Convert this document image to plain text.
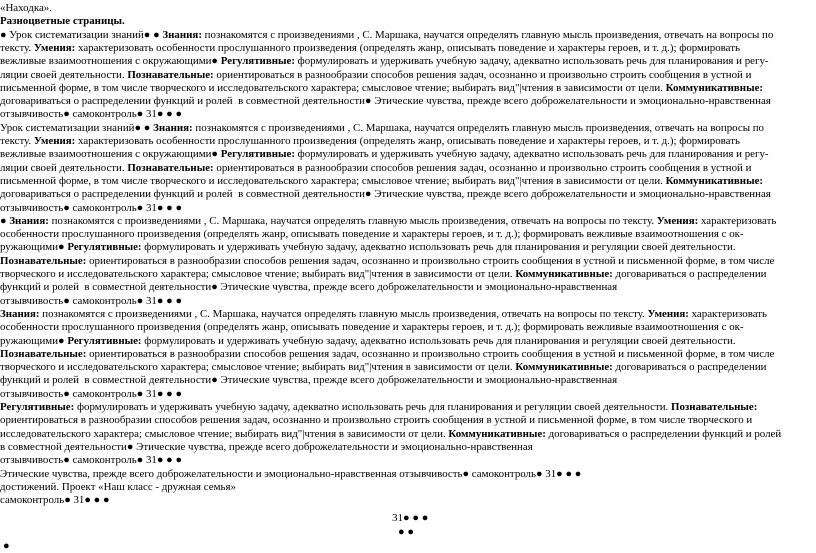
«Находка».
Разноцветные страницы.
● Урок систематизации знаний● ● Знания: познакомятся с произведениями , С. Маршака, научатся определять главную мысль произведения, отвечать на вопросы по
тексту. Умения: характеризовать особенности прослушанного произведения (определять жанр, описывать поведение и характеры героев, и т. д.); формировать
вежливые взаимоотношения с окружающими● Регулятивные: формулировать и удерживать учебную задачу, адекватно использовать речь для планирования и регу-
ляции своей деятельности. Познавательные: ориентироваться в разнообразии способов решения задач, осознанно и произвольно строить сообщения в устной и
письменной форме, в том числе творческого и исследовательского характера; смысловое чтение; выбирать вид"|чтения в зависимости от цели. Коммуникативные:
договариваться о распределении функций и ролей  в совместной деятельности● Этические чувства, прежде всего доброжелательности и эмоционально-нравственная
отзывчивость● самоконтроль● 31● ● ●
Урок систематизации знаний● ● Знания: познакомятся с произведениями , С. Маршака, научатся определять главную мысль произведения, отвечать на вопросы по
тексту. Умения: характеризовать особенности прослушанного произведения (определять жанр, описывать поведение и характеры героев, и т. д.); формировать
вежливые взаимоотношения с окружающими● Регулятивные: формулировать и удерживать учебную задачу, адекватно использовать речь для планирования и регу-
ляции своей деятельности. Познавательные: ориентироваться в разнообразии способов решения задач, осознанно и произвольно строить сообщения в устной и
письменной форме, в том числе творческого и исследовательского характера; смысловое чтение; выбирать вид"|чтения в зависимости от цели. Коммуникативные:
договариваться о распределении функций и ролей  в совместной деятельности● Этические чувства, прежде всего доброжелательности и эмоционально-нравственная
отзывчивость● самоконтроль● 31● ● ●
● Знания: познакомятся с произведениями , С. Маршака, научатся определять главную мысль произведения, отвечать на вопросы по тексту. Умения: характеризовать
особенности прослушанного произведения (определять жанр, описывать поведение и характеры героев, и т. д.); формировать вежливые взаимоотношения с ок-
ружающими● Регулятивные: формулировать и удерживать учебную задачу, адекватно использовать речь для планирования и регуляции своей деятельности.
Познавательные: ориентироваться в разнообразии способов решения задач, осознанно и произвольно строить сообщения в устной и письменной форме, в том числе
творческого и исследовательского характера; смысловое чтение; выбирать вид"|чтения в зависимости от цели. Коммуникативные: договариваться о распределении
функций и ролей  в совместной деятельности● Этические чувства, прежде всего доброжелательности и эмоционально-нравственная
отзывчивость● самоконтроль● 31● ● ●
Знания: познакомятся с произведениями , С. Маршака, научатся определять главную мысль произведения, отвечать на вопросы по тексту. Умения: характеризовать
особенности прослушанного произведения (определять жанр, описывать поведение и характеры героев, и т. д.); формировать вежливые взаимоотношения с ок-
ружающими● Регулятивные: формулировать и удерживать учебную задачу, адекватно использовать речь для планирования и регуляции своей деятельности.
Познавательные: ориентироваться в разнообразии способов решения задач, осознанно и произвольно строить сообщения в устной и письменной форме, в том числе
творческого и исследовательского характера; смысловое чтение; выбирать вид"|чтения в зависимости от цели. Коммуникативные: договариваться о распределении
функций и ролей  в совместной деятельности● Этические чувства, прежде всего доброжелательности и эмоционально-нравственная
отзывчивость● самоконтроль● 31● ● ●
Регулятивные: формулировать и удерживать учебную задачу, адекватно использовать речь для планирования и регуляции своей деятельности. Познавательные:
ориентироваться в разнообразии способов решения задач, осознанно и произвольно строить сообщения в устной и письменной форме, в том числе творческого и
исследовательского характера; смысловое чтение; выбирать вид"|чтения в зависимости от цели. Коммуникативные: договариваться о распределении функций и ролей
в совместной деятельности● Этические чувства, прежде всего доброжелательности и эмоционально-нравственная
отзывчивость● самоконтроль● 31● ● ●
Этические чувства, прежде всего доброжелательности и эмоционально-нравственная отзывчивость● самоконтроль● 31● ● ●
достижений. Проект «Наш класс - дружная семья»
самоконтроль● 31● ● ●
31● ● ●
● ●
●
